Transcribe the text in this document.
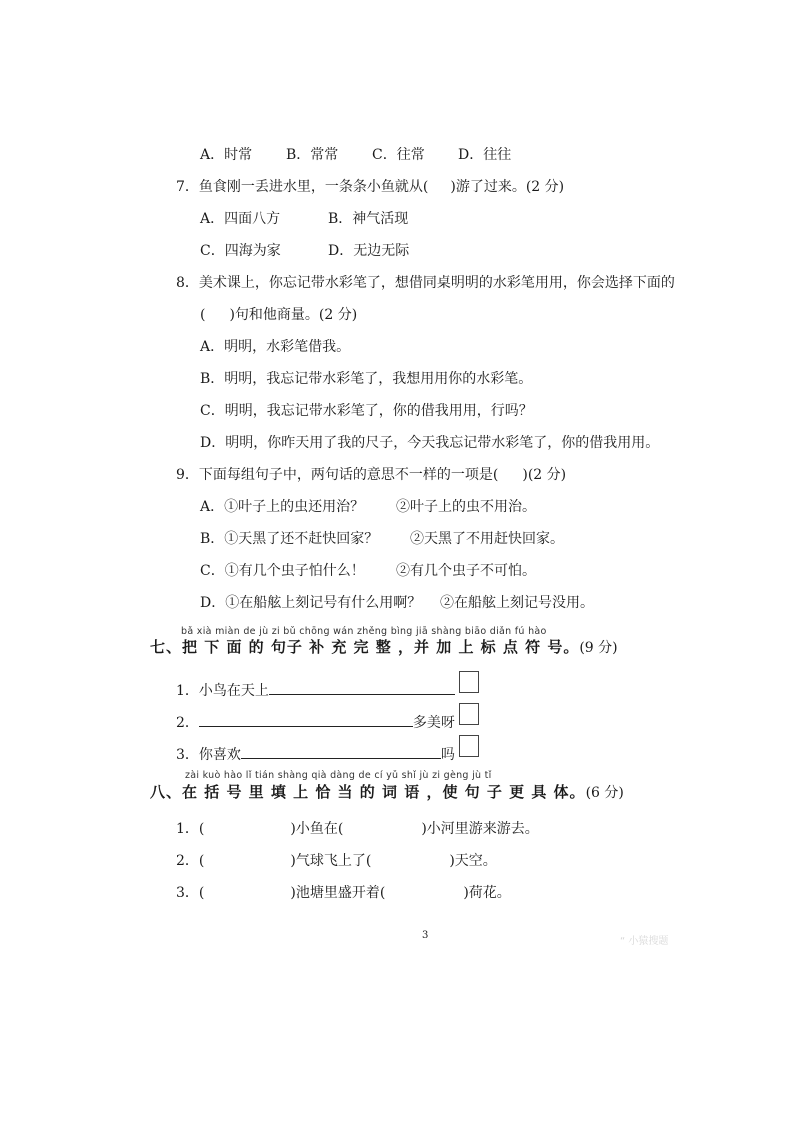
A．时常 B．常常 C．往常 D．往往
7．鱼食刚一丢进水里，一条条小鱼就从( )游了过来。(2 分)
A．四面八方	B．神气活现
C．四海为家	D．无边无际
8．美术课上，你忘记带水彩笔了，想借同桌明明的水彩笔用用，你会选择下面的
( )句和他商量。(2 分)
A．明明，水彩笔借我。
B．明明，我忘记带水彩笔了，我想用用你的水彩笔。
C．明明，我忘记带水彩笔了，你的借我用用，行吗？
D．明明，你昨天用了我的尺子，今天我忘记带水彩笔了，你的借我用用。
9．下面每组句子中，两句话的意思不一样的一项是( )(2 分)
A．①叶子上的虫还用治？ ②叶子上的虫不用治。
B．①天黑了还不赶快回家？ ②天黑了不用赶快回家。
C．①有几个虫子怕什么！ ②有几个虫子不可怕。
D．①在船舷上刻记号有什么用啊？ ②在船舷上刻记号没用。
bǎ xià miàn de jù zi bǔ chōng wán zhěng bìng jiā shàng biāo diǎn fú hào
七、把 下 面 的 句子 补 充 完 整 ，并 加 上 标 点 符 号。(9 分)
1．小鸟在天上
2．	多美呀
3．你喜欢	吗
zài kuò hào lǐ tián shàng qià dàng de cí yǔ shǐ jù zi gèng jù tǐ
八、在 括 号 里 填 上 恰 当 的 词 语 ，使 句 子 更 具 体。(6 分)
1．(	)小鱼在(	)小河里游来游去。
2．(	)气球飞上了(	)天空。
3．(	)池塘里盛开着(	)荷花。
3
“ 小猿搜题
